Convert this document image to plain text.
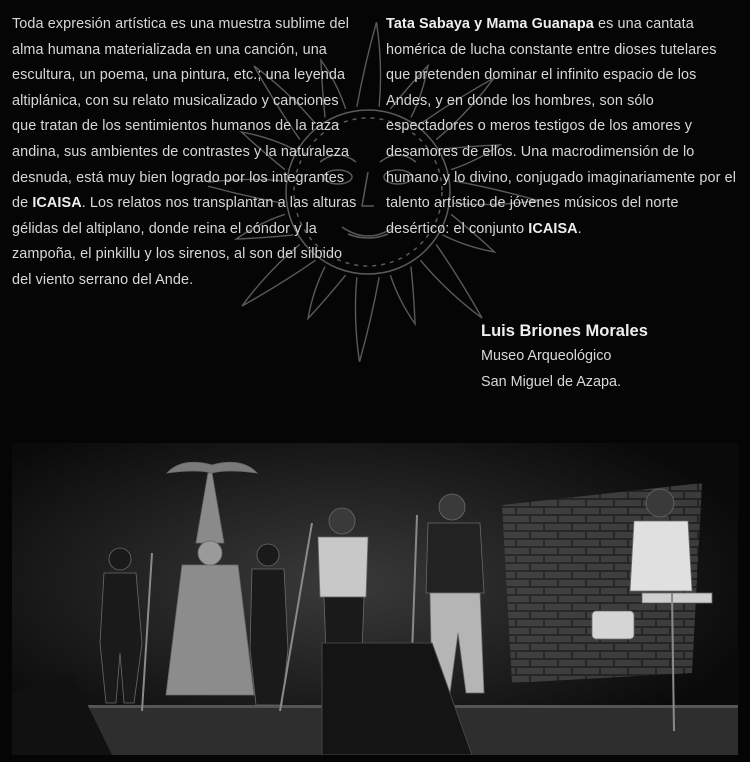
Toda expresión artística es una muestra sublime del alma humana materializada en una canción, una escultura, un poema, una pintura, etc.; una leyenda altiplánica, con su relato musicalizado y canciones que tratan de los sentimientos humanos de la raza andina, sus ambientes de contrastes y la naturaleza desnuda, está muy bien logrado por los integrantes de ICAISA. Los relatos nos transplantan a las alturas gélidas del altiplano, donde reina el cóndor y la zampoña, el pinkillu y los sirenos, al son del silbido del viento serrano del Ande.

Tata Sabaya y Mama Guanapa es una cantata homérica de lucha constante entre dioses tutelares que pretenden dominar el infinito espacio de los Andes, y en donde los hombres, son sólo espectadores o meros testigos de los amores y desamores de ellos. Una macrodimensión de lo humano y lo divino, conjugado imaginariamente por el talento artístico de jóvenes músicos del norte desértico: el conjunto ICAISA.

Luis Briones Morales
Museo Arqueológico
San Miguel de Azapa.
